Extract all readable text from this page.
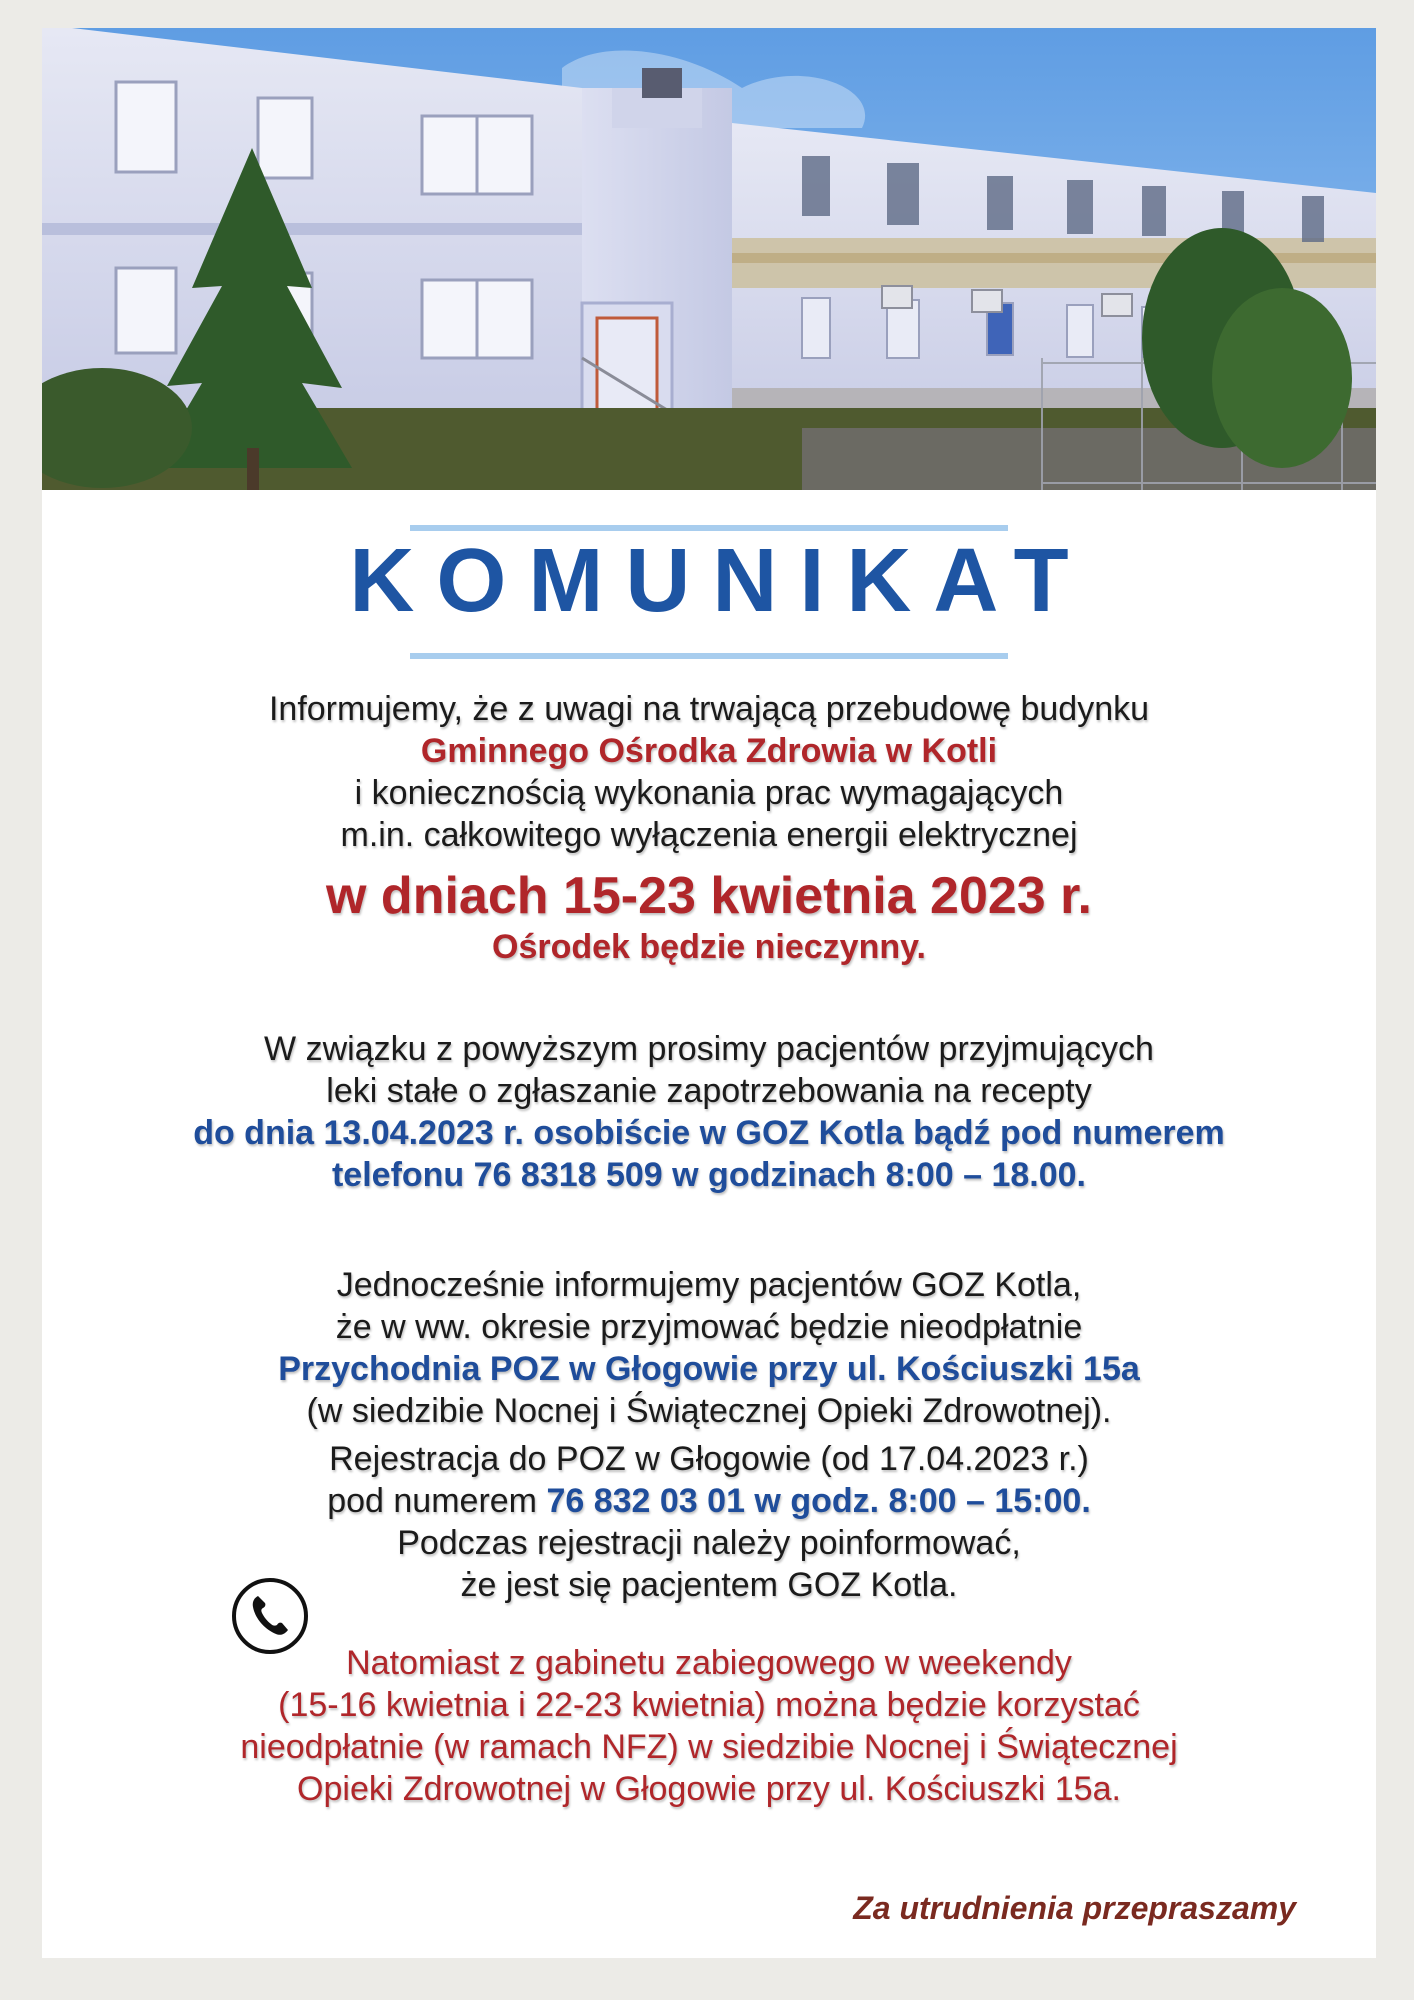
KOMUNIKAT
Informujemy, że z uwagi na trwającą przebudowę budynku
Gminnego Ośrodka Zdrowia w Kotli
i koniecznością wykonania prac wymagających
m.in. całkowitego wyłączenia energii elektrycznej
w dniach 15-23 kwietnia 2023 r.
Ośrodek będzie nieczynny.
W związku z powyższym prosimy pacjentów przyjmujących
leki stałe o zgłaszanie zapotrzebowania na recepty
do dnia 13.04.2023 r. osobiście w GOZ Kotla bądź pod numerem
telefonu 76 8318 509 w godzinach 8:00 – 18.00.
Jednocześnie informujemy pacjentów GOZ Kotla,
że w ww. okresie przyjmować będzie nieodpłatnie
Przychodnia POZ w Głogowie przy ul. Kościuszki 15a
(w siedzibie Nocnej i Świątecznej Opieki Zdrowotnej).
Rejestracja do POZ w Głogowie (od 17.04.2023 r.)
pod numerem 76 832 03 01 w godz. 8:00 – 15:00.
Podczas rejestracji należy poinformować,
że jest się pacjentem GOZ Kotla.
Natomiast z gabinetu zabiegowego w weekendy
(15-16 kwietnia i 22-23 kwietnia) można będzie korzystać
nieodpłatnie (w ramach NFZ) w siedzibie Nocnej i Świątecznej
Opieki Zdrowotnej w Głogowie przy ul. Kościuszki 15a.
Za utrudnienia przepraszamy
